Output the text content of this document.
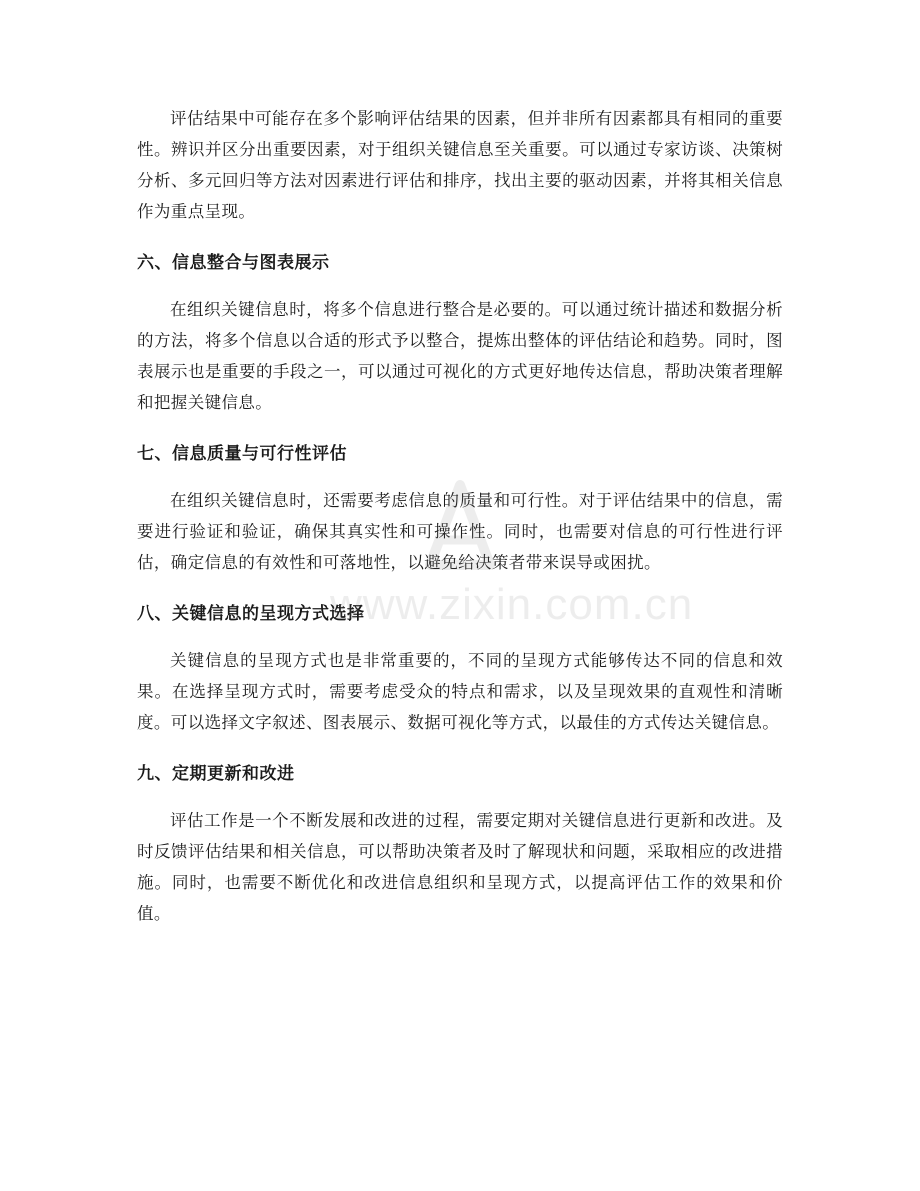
评估结果中可能存在多个影响评估结果的因素，但并非所有因素都具有相同的重要性。辨识并区分出重要因素，对于组织关键信息至关重要。可以通过专家访谈、决策树分析、多元回归等方法对因素进行评估和排序，找出主要的驱动因素，并将其相关信息作为重点呈现。

六、信息整合与图表展示

在组织关键信息时，将多个信息进行整合是必要的。可以通过统计描述和数据分析的方法，将多个信息以合适的形式予以整合，提炼出整体的评估结论和趋势。同时，图表展示也是重要的手段之一，可以通过可视化的方式更好地传达信息，帮助决策者理解和把握关键信息。

七、信息质量与可行性评估

在组织关键信息时，还需要考虑信息的质量和可行性。对于评估结果中的信息，需要进行验证和验证，确保其真实性和可操作性。同时，也需要对信息的可行性进行评估，确定信息的有效性和可落地性，以避免给决策者带来误导或困扰。

八、关键信息的呈现方式选择

关键信息的呈现方式也是非常重要的，不同的呈现方式能够传达不同的信息和效果。在选择呈现方式时，需要考虑受众的特点和需求，以及呈现效果的直观性和清晰度。可以选择文字叙述、图表展示、数据可视化等方式，以最佳的方式传达关键信息。

九、定期更新和改进

评估工作是一个不断发展和改进的过程，需要定期对关键信息进行更新和改进。及时反馈评估结果和相关信息，可以帮助决策者及时了解现状和问题，采取相应的改进措施。同时，也需要不断优化和改进信息组织和呈现方式，以提高评估工作的效果和价值。

www.zixin.com.cn
